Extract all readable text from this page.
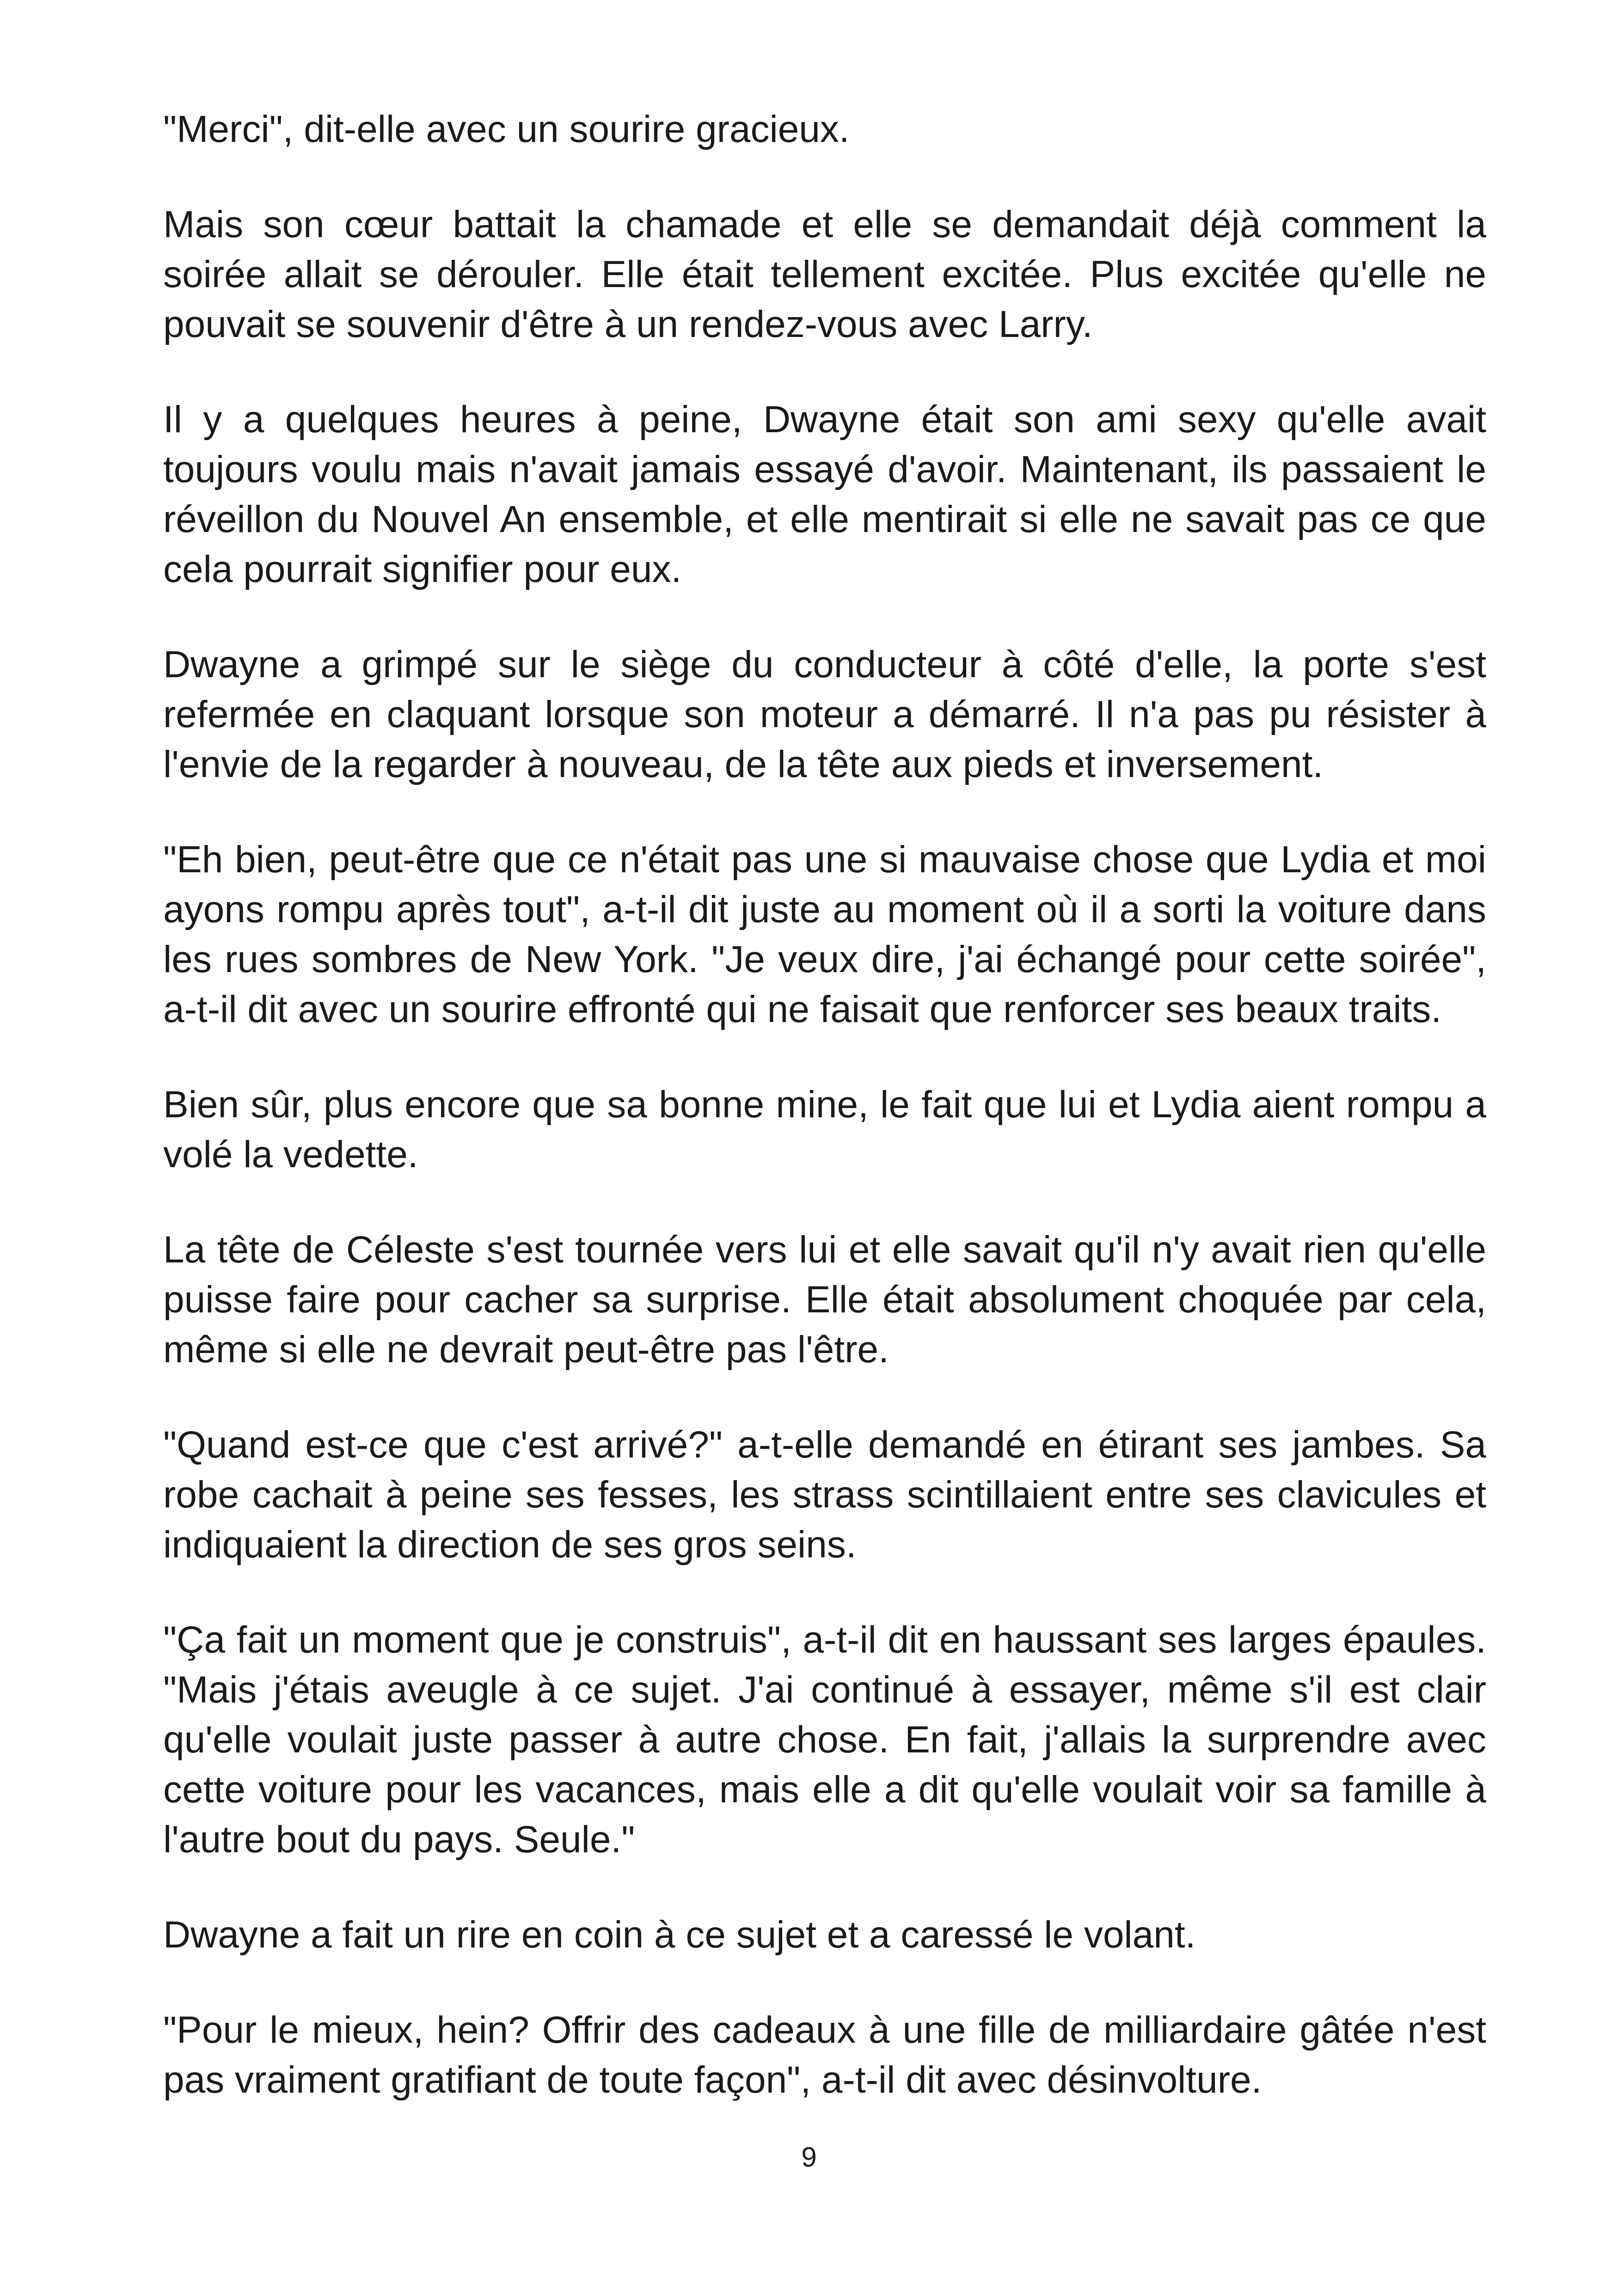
"Merci", dit-elle avec un sourire gracieux.

Mais son cœur battait la chamade et elle se demandait déjà comment la soirée allait se dérouler. Elle était tellement excitée. Plus excitée qu'elle ne pouvait se souvenir d'être à un rendez-vous avec Larry.

Il y a quelques heures à peine, Dwayne était son ami sexy qu'elle avait toujours voulu mais n'avait jamais essayé d'avoir. Maintenant, ils passaient le réveillon du Nouvel An ensemble, et elle mentirait si elle ne savait pas ce que cela pourrait signifier pour eux.

Dwayne a grimpé sur le siège du conducteur à côté d'elle, la porte s'est refermée en claquant lorsque son moteur a démarré. Il n'a pas pu résister à l'envie de la regarder à nouveau, de la tête aux pieds et inversement.

"Eh bien, peut-être que ce n'était pas une si mauvaise chose que Lydia et moi ayons rompu après tout", a-t-il dit juste au moment où il a sorti la voiture dans les rues sombres de New York. "Je veux dire, j'ai échangé pour cette soirée", a-t-il dit avec un sourire effronté qui ne faisait que renforcer ses beaux traits.

Bien sûr, plus encore que sa bonne mine, le fait que lui et Lydia aient rompu a volé la vedette.

La tête de Céleste s'est tournée vers lui et elle savait qu'il n'y avait rien qu'elle puisse faire pour cacher sa surprise. Elle était absolument choquée par cela, même si elle ne devrait peut-être pas l'être.

"Quand est-ce que c'est arrivé?" a-t-elle demandé en étirant ses jambes. Sa robe cachait à peine ses fesses, les strass scintillaient entre ses clavicules et indiquaient la direction de ses gros seins.

"Ça fait un moment que je construis", a-t-il dit en haussant ses larges épaules. "Mais j'étais aveugle à ce sujet. J'ai continué à essayer, même s'il est clair qu'elle voulait juste passer à autre chose. En fait, j'allais la surprendre avec cette voiture pour les vacances, mais elle a dit qu'elle voulait voir sa famille à l'autre bout du pays. Seule."

Dwayne a fait un rire en coin à ce sujet et a caressé le volant.

"Pour le mieux, hein? Offrir des cadeaux à une fille de milliardaire gâtée n'est pas vraiment gratifiant de toute façon", a-t-il dit avec désinvolture.

9
